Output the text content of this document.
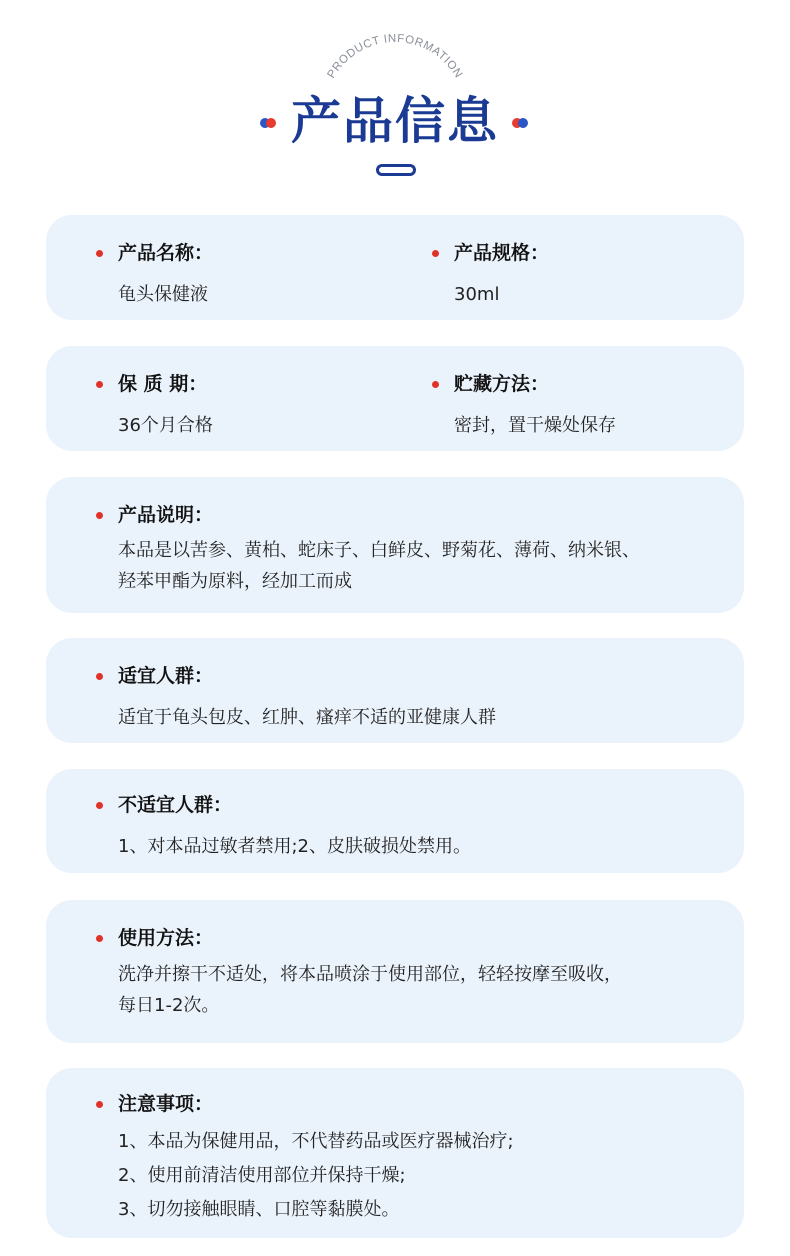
PRODUCT INFORMATION
产品信息
产品名称：
龟头保健液
产品规格：
30ml
保 质 期：
36个月合格
贮藏方法：
密封，置干燥处保存
产品说明：
本品是以苦参、黄柏、蛇床子、白鲜皮、野菊花、薄荷、纳米银、
羟苯甲酯为原料，经加工而成
适宜人群：
适宜于龟头包皮、红肿、瘙痒不适的亚健康人群
不适宜人群：
1、对本品过敏者禁用;2、皮肤破损处禁用。
使用方法：
洗净并擦干不适处，将本品喷涂于使用部位，轻轻按摩至吸收，
每日1-2次。
注意事项：
1、本品为保健用品，不代替药品或医疗器械治疗;
2、使用前清洁使用部位并保持干燥;
3、切勿接触眼睛、口腔等黏膜处。
